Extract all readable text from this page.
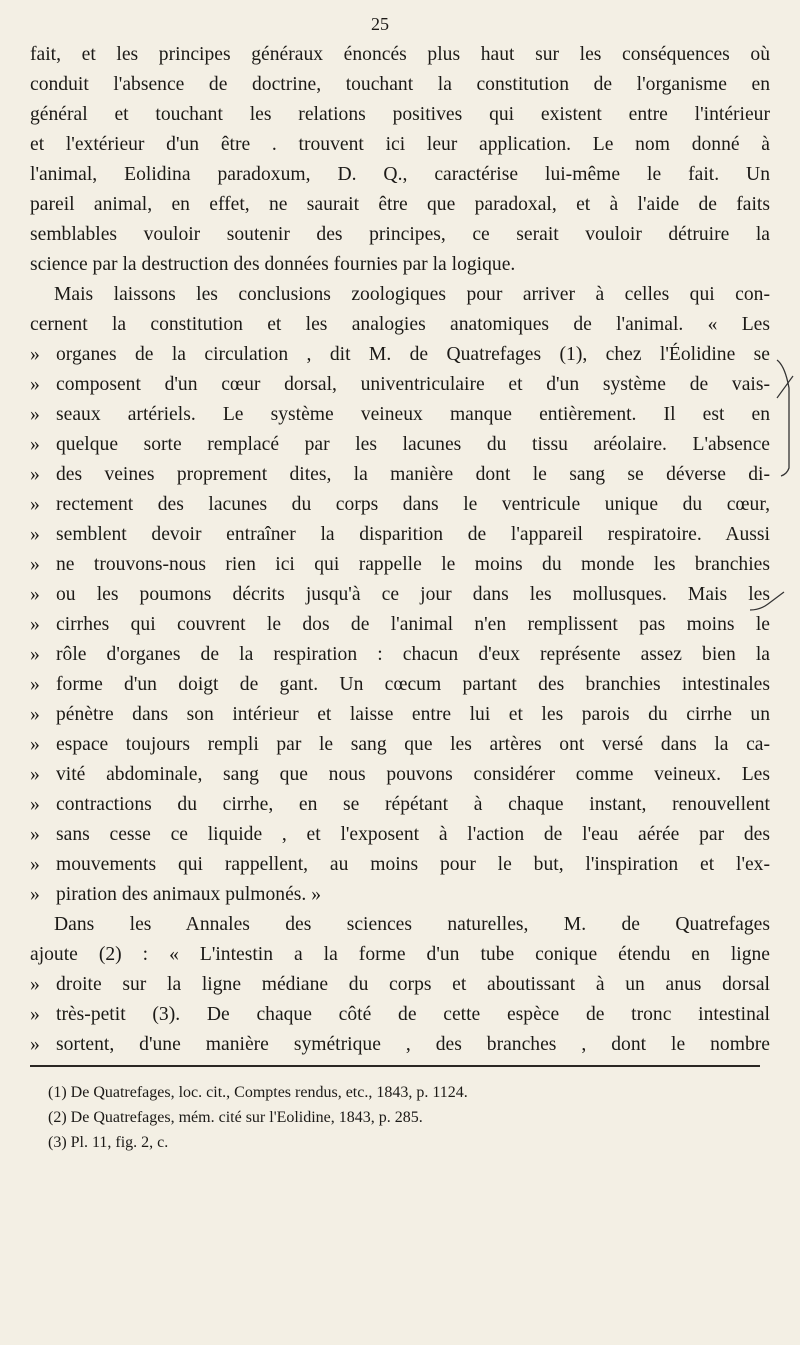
25
fait, et les principes généraux énoncés plus haut sur les conséquences où
conduit l'absence de doctrine, touchant la constitution de l'organisme en
général et touchant les relations positives qui existent entre l'intérieur
et l'extérieur d'un être . trouvent ici leur application. Le nom donné à
l'animal, Eolidina paradoxum, D. Q., caractérise lui-même le fait. Un
pareil animal, en effet, ne saurait être que paradoxal, et à l'aide de faits
semblables vouloir soutenir des principes, ce serait vouloir détruire la
science par la destruction des données fournies par la logique.
Mais laissons les conclusions zoologiques pour arriver à celles qui con-
cernent la constitution et les analogies anatomiques de l'animal. « Les
» organes de la circulation , dit M. de Quatrefages (1), chez l'Éolidine se
» composent d'un cœur dorsal, univentriculaire et d'un système de vais-
» seaux artériels. Le système veineux manque entièrement. Il est en
» quelque sorte remplacé par les lacunes du tissu aréolaire. L'absence
» des veines proprement dites, la manière dont le sang se déverse di-
» rectement des lacunes du corps dans le ventricule unique du cœur,
» semblent devoir entraîner la disparition de l'appareil respiratoire. Aussi
» ne trouvons-nous rien ici qui rappelle le moins du monde les branchies
» ou les poumons décrits jusqu'à ce jour dans les mollusques. Mais les
» cirrhes qui couvrent le dos de l'animal n'en remplissent pas moins le
» rôle d'organes de la respiration : chacun d'eux représente assez bien la
» forme d'un doigt de gant. Un cœcum partant des branchies intestinales
» pénètre dans son intérieur et laisse entre lui et les parois du cirrhe un
» espace toujours rempli par le sang que les artères ont versé dans la ca-
» vité abdominale, sang que nous pouvons considérer comme veineux. Les
» contractions du cirrhe, en se répétant à chaque instant, renouvellent
» sans cesse ce liquide , et l'exposent à l'action de l'eau aérée par des
» mouvements qui rappellent, au moins pour le but, l'inspiration et l'ex-
» piration des animaux pulmonés. »
Dans les Annales des sciences naturelles, M. de Quatrefages
ajoute (2) : « L'intestin a la forme d'un tube conique étendu en ligne
» droite sur la ligne médiane du corps et aboutissant à un anus dorsal
» très-petit (3). De chaque côté de cette espèce de tronc intestinal
» sortent, d'une manière symétrique , des branches , dont le nombre
(1) De Quatrefages, loc. cit., Comptes rendus, etc., 1843, p. 1124.
(2) De Quatrefages, mém. cité sur l'Eolidine, 1843, p. 285.
(3) Pl. 11, fig. 2, c.
